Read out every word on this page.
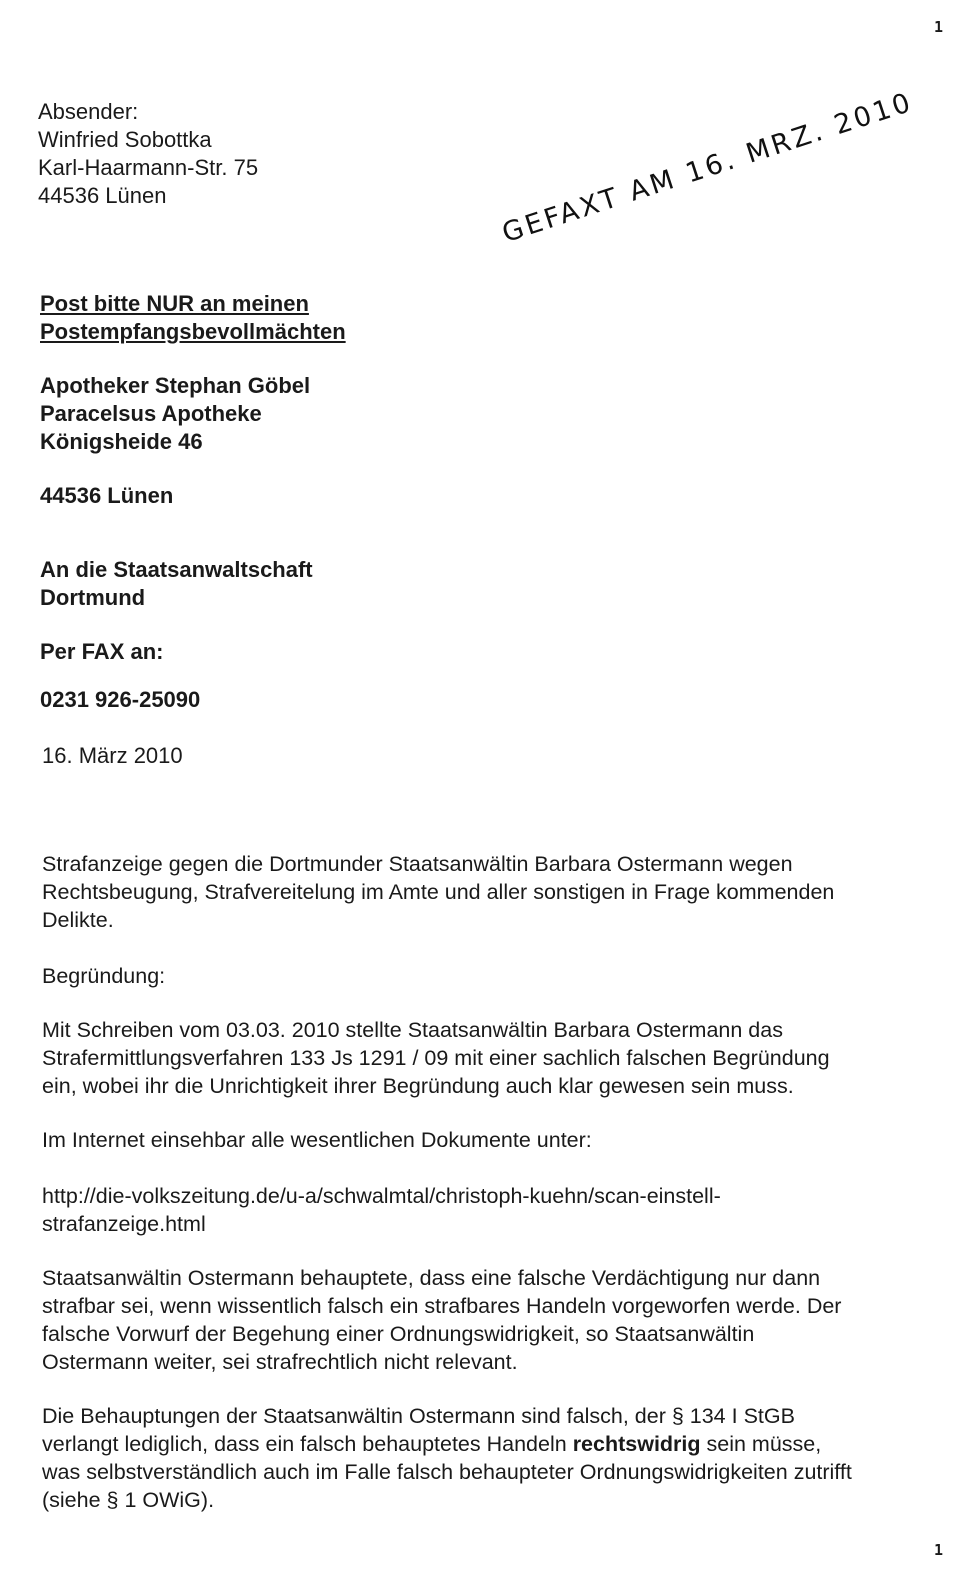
1
Absender:
Winfried Sobottka
Karl-Haarmann-Str. 75
44536 Lünen	GEFAXT AM 16. MRZ. 2010
Post bitte NUR an meinen
Postempfangsbevollmächten
Apotheker Stephan Göbel
Paracelsus Apotheke
Königsheide 46
44536 Lünen
An die Staatsanwaltschaft
Dortmund
Per FAX an:
0231 926-25090
16. März 2010
Strafanzeige gegen die Dortmunder Staatsanwältin Barbara Ostermann wegen
Rechtsbeugung, Strafvereitelung im Amte und aller sonstigen in Frage kommenden
Delikte.
Begründung:
Mit Schreiben vom 03.03. 2010 stellte Staatsanwältin Barbara Ostermann das
Strafermittlungsverfahren 133 Js 1291 / 09 mit einer sachlich falschen Begründung
ein, wobei ihr die Unrichtigkeit ihrer Begründung auch klar gewesen sein muss.
Im Internet einsehbar alle wesentlichen Dokumente unter:
http://die-volkszeitung.de/u-a/schwalmtal/christoph-kuehn/scan-einstell-
strafanzeige.html
Staatsanwältin Ostermann behauptete, dass eine falsche Verdächtigung nur dann
strafbar sei, wenn wissentlich falsch ein strafbares Handeln vorgeworfen werde. Der
falsche Vorwurf der Begehung einer Ordnungswidrigkeit, so Staatsanwältin
Ostermann weiter, sei strafrechtlich nicht relevant.
Die Behauptungen der Staatsanwältin Ostermann sind falsch, der § 134 I StGB
verlangt lediglich, dass ein falsch behauptetes Handeln rechtswidrig sein müsse,
was selbstverständlich auch im Falle falsch behaupteter Ordnungswidrigkeiten zutrifft
(siehe § 1 OWiG).
1
